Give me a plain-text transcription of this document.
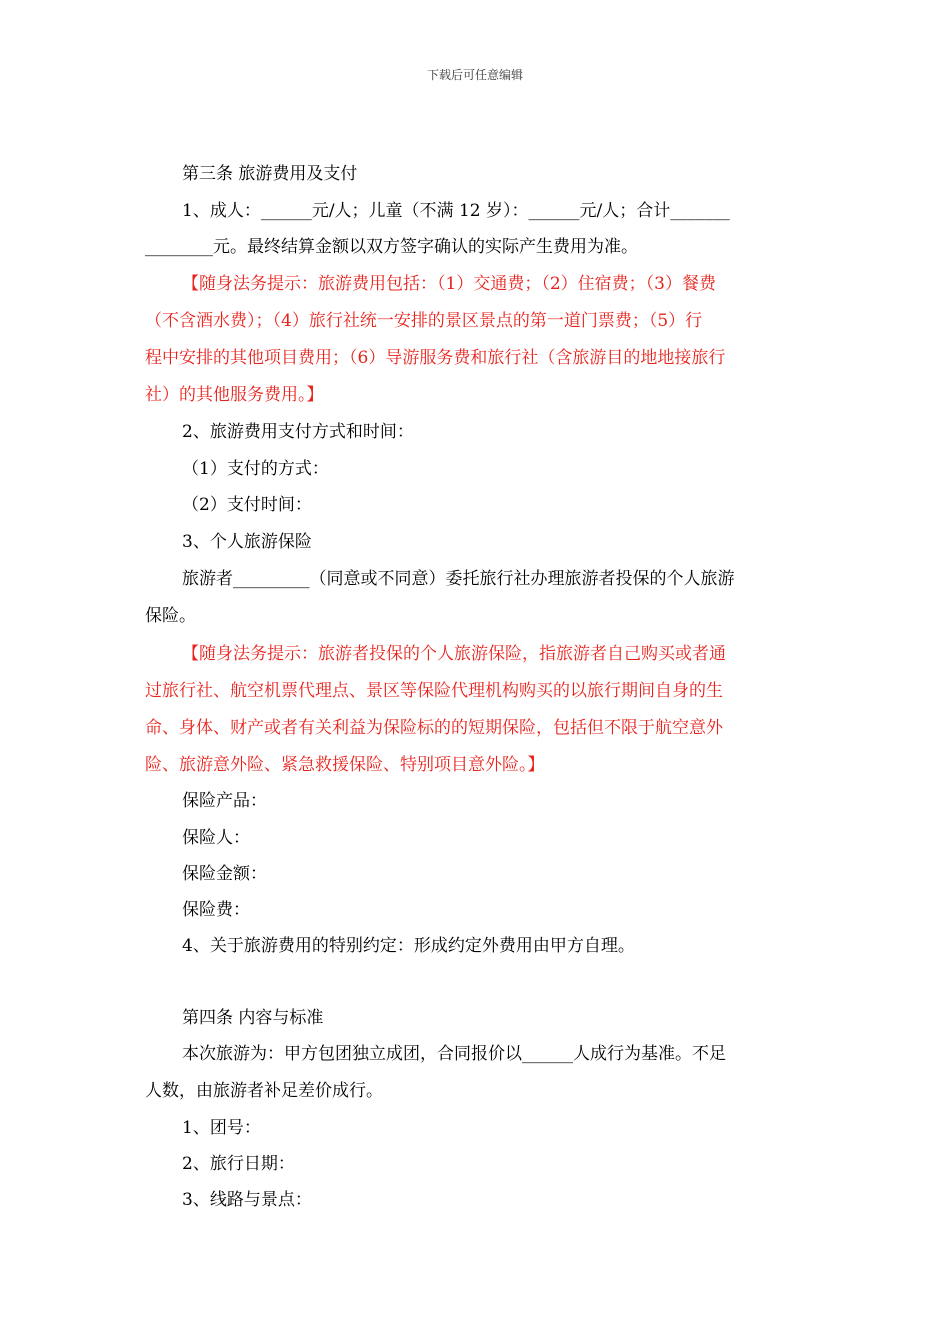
下载后可任意编辑
第三条 旅游费用及支付
1、成人：______元/人；儿童（不满 12 岁）：______元/人；合计_______
________元。最终结算金额以双方签字确认的实际产生费用为准。
【随身法务提示：旅游费用包括：（1）交通费；（2）住宿费；（3）餐费
（不含酒水费）；（4）旅行社统一安排的景区景点的第一道门票费；（5）行
程中安排的其他项目费用；（6）导游服务费和旅行社（含旅游目的地地接旅行
社）的其他服务费用。】
2、旅游费用支付方式和时间：
（1）支付的方式：
（2）支付时间：
3、个人旅游保险
旅游者_________（同意或不同意）委托旅行社办理旅游者投保的个人旅游
保险。
【随身法务提示：旅游者投保的个人旅游保险，指旅游者自己购买或者通
过旅行社、航空机票代理点、景区等保险代理机构购买的以旅行期间自身的生
命、身体、财产或者有关利益为保险标的的短期保险，包括但不限于航空意外
险、旅游意外险、紧急救援保险、特别项目意外险。】
保险产品：
保险人：
保险金额：
保险费：
4、关于旅游费用的特别约定：形成约定外费用由甲方自理。
第四条 内容与标准
本次旅游为：甲方包团独立成团，合同报价以______人成行为基准。不足
人数，由旅游者补足差价成行。
1、团号：
2、旅行日期：
3、线路与景点：
